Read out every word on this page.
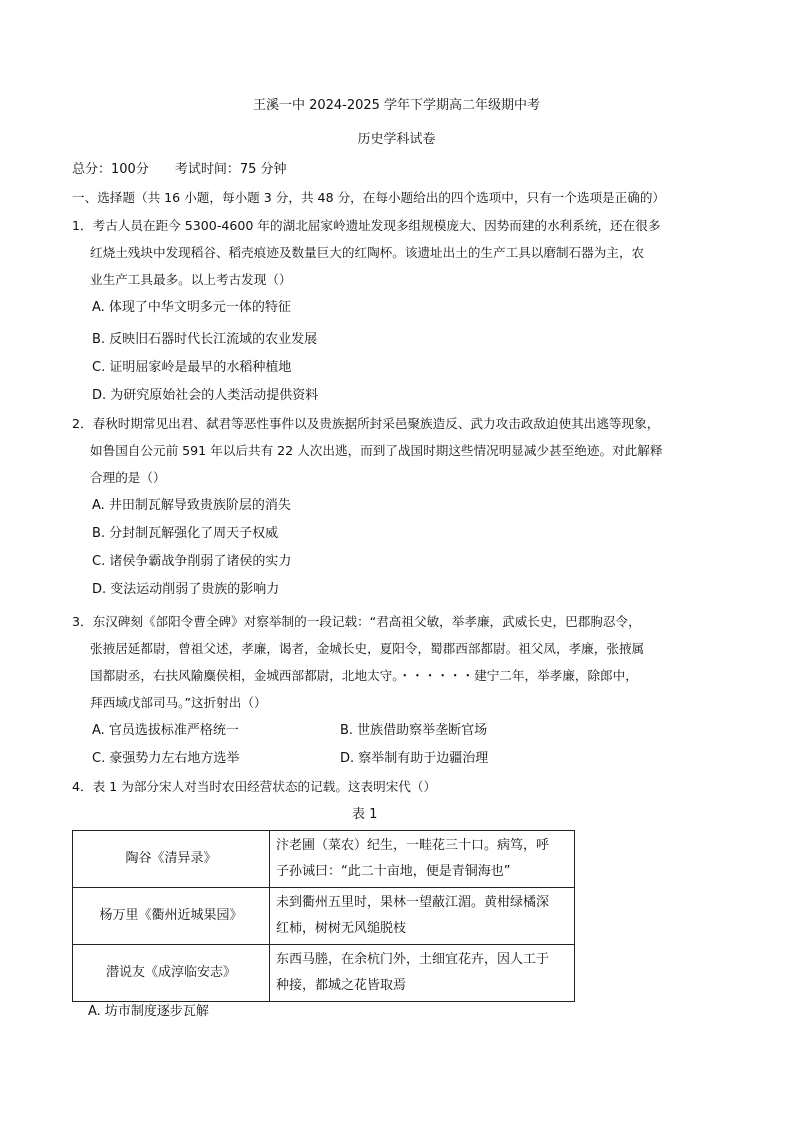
王溪一中 2024-2025 学年下学期高二年级期中考
历史学科试卷
总分：100分　　考试时间：75 分钟
一、选择题（共 16 小题，每小题 3 分，共 48 分，在每小题给出的四个选项中，只有一个选项是正确的）
1．考古人员在距今 5300-4600 年的湖北屈家岭遗址发现多组规模庞大、因势而建的水利系统，还在很多
红烧土残块中发现稻谷、稻壳痕迹及数量巨大的红陶杯。该遗址出土的生产工具以磨制石器为主，农
业生产工具最多。以上考古发现（）
A. 体现了中华文明多元一体的特征
B. 反映旧石器时代长江流域的农业发展
C. 证明屈家岭是最早的水稻种植地
D. 为研究原始社会的人类活动提供资料
2．春秋时期常见出君、弑君等恶性事件以及贵族据所封采邑聚族造反、武力攻击政敌迫使其出逃等现象，
如鲁国自公元前 591 年以后共有 22 人次出逃，而到了战国时期这些情况明显减少甚至绝迹。对此解释
合理的是（）
A. 井田制瓦解导致贵族阶层的消失
B. 分封制瓦解强化了周天子权威
C. 诸侯争霸战争削弱了诸侯的实力
D. 变法运动削弱了贵族的影响力
3．东汉碑刻《郃阳令曹全碑》对察举制的一段记载：“君高祖父敏，举孝廉，武威长史，巴郡朐忍令，
张掖居延都尉，曾祖父述，孝廉，谒者，金城长史，夏阳令，蜀郡西部都尉。祖父凤，孝廉，张掖属
国都尉丞，右扶风隃麋侯相，金城西部都尉，北地太守。・・・・・・建宁二年，举孝廉，除郎中，
拜西域戊部司马。”这折射出（）
A. 官员选拔标准严格统一	B. 世族借助察举垄断官场
C. 豪强势力左右地方选举	D. 察举制有助于边疆治理
4．表 1 为部分宋人对当时农田经营状态的记载。这表明宋代（）
表 1
陶谷《清异录》	汴老圃（菜农）纪生，一畦花三十口。病笃，呼
子孙诫曰：“此二十亩地，便是青铜海也”

杨万里《衢州近城果园》	未到衢州五里时，果林一望蔽江湄。黄柑绿橘深
红柿，树树无风缒脱枝

潜说友《成淳临安志》	东西马塍，在余杭门外，土细宜花卉，因人工于
种接，都城之花皆取焉
A. 坊市制度逐步瓦解
